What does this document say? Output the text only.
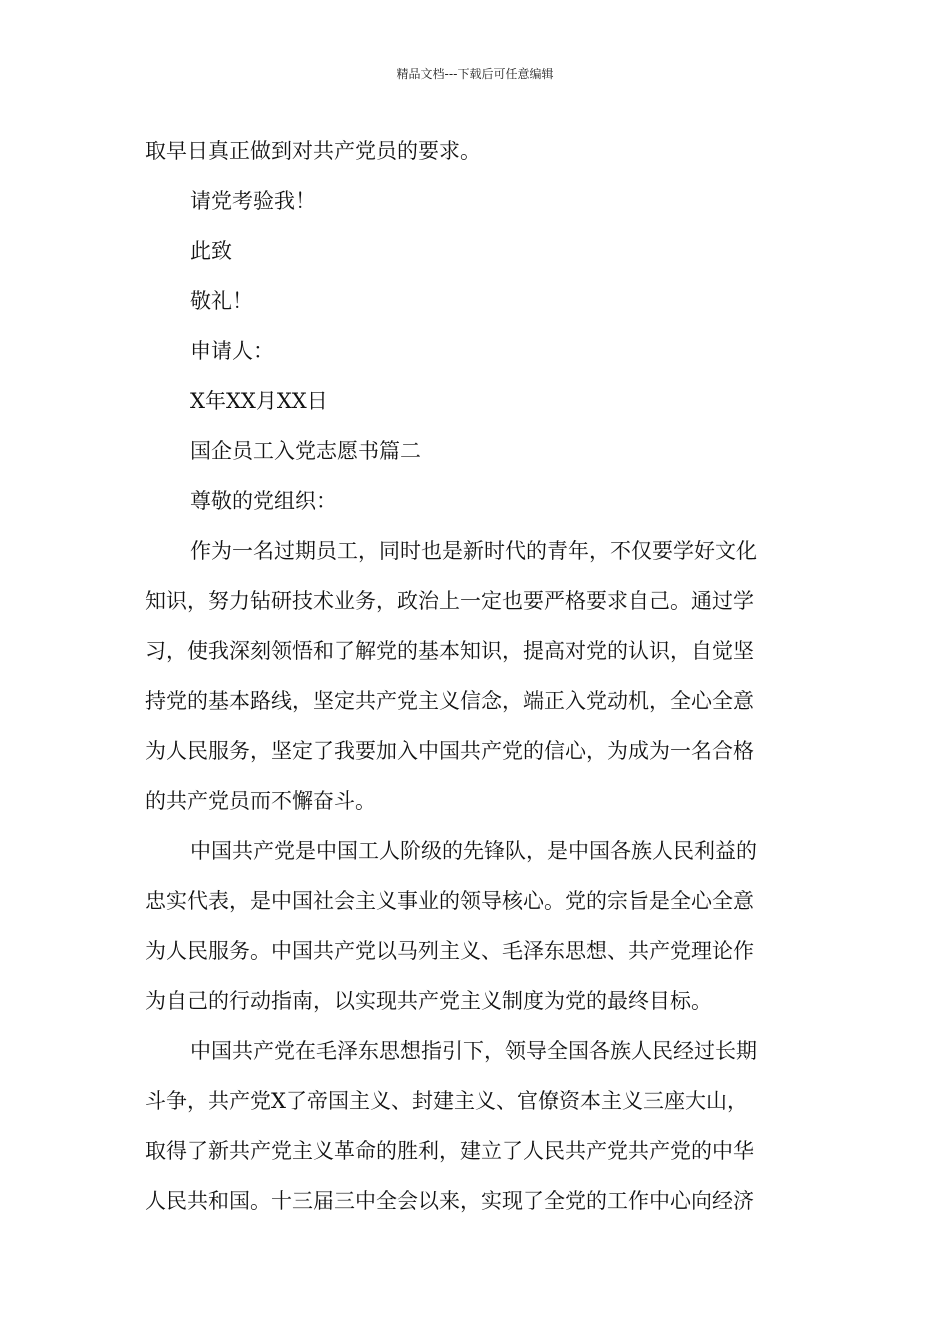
精品文档---下载后可任意编辑
取早日真正做到对共产党员的要求。
请党考验我！
此致
敬礼！
申请人：
X年XX月XX日
国企员工入党志愿书篇二
尊敬的党组织：
作为一名过期员工，同时也是新时代的青年，不仅要学好文化
知识，努力钻研技术业务，政治上一定也要严格要求自己。通过学
习，使我深刻领悟和了解党的基本知识，提高对党的认识，自觉坚
持党的基本路线，坚定共产党主义信念，端正入党动机，全心全意
为人民服务，坚定了我要加入中国共产党的信心，为成为一名合格
的共产党员而不懈奋斗。
中国共产党是中国工人阶级的先锋队，是中国各族人民利益的
忠实代表，是中国社会主义事业的领导核心。党的宗旨是全心全意
为人民服务。中国共产党以马列主义、毛泽东思想、共产党理论作
为自己的行动指南，以实现共产党主义制度为党的最终目标。
中国共产党在毛泽东思想指引下，领导全国各族人民经过长期
斗争，共产党X了帝国主义、封建主义、官僚资本主义三座大山，
取得了新共产党主义革命的胜利，建立了人民共产党共产党的中华
人民共和国。十三届三中全会以来，实现了全党的工作中心向经济
